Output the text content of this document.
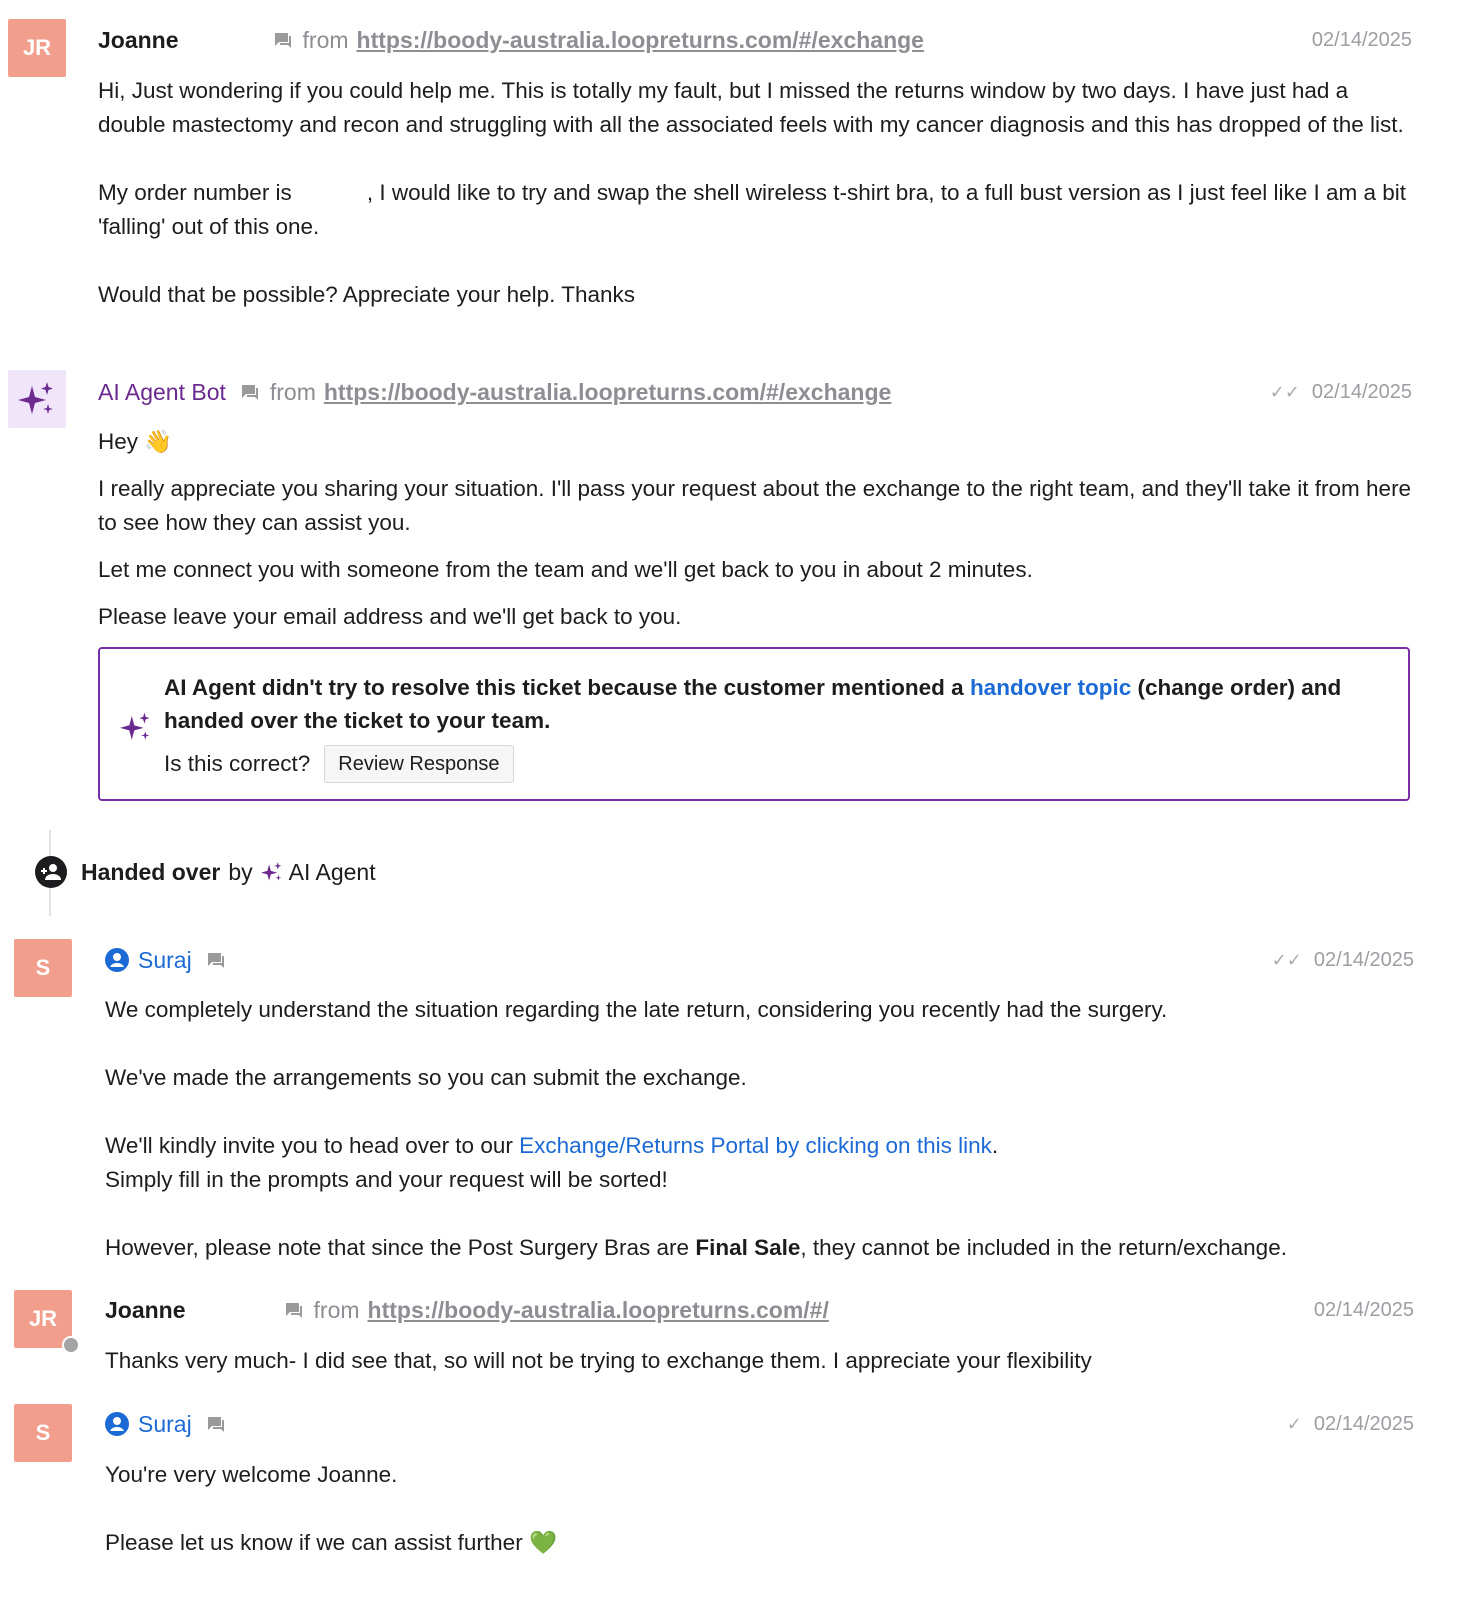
JR	Joanne	from https://boody-australia.loopreturns.com/#/exchange	02/14/2025

Hi, Just wondering if you could help me. This is totally my fault, but I missed the returns window by two days. I have just had a double mastectomy and recon and struggling with all the associated feels with my cancer diagnosis and this has dropped of the list.

My order number is            , I would like to try and swap the shell wireless t-shirt bra, to a full bust version as I just feel like I am a bit 'falling' out of this one.

Would that be possible? Appreciate your help. Thanks

AI Agent Bot from https://boody-australia.loopreturns.com/#/exchange	✓✓ 02/14/2025

Hey 👋

I really appreciate you sharing your situation. I'll pass your request about the exchange to the right team, and they'll take it from here to see how they can assist you.

Let me connect you with someone from the team and we'll get back to you in about 2 minutes.

Please leave your email address and we'll get back to you.

AI Agent didn't try to resolve this ticket because the customer mentioned a handover topic (change order) and handed over the ticket to your team.
Is this correct?	Review Response
Handed over by AI Agent
S	Suraj	✓✓ 02/14/2025

We completely understand the situation regarding the late return, considering you recently had the surgery.

We've made the arrangements so you can submit the exchange.

We'll kindly invite you to head over to our Exchange/Returns Portal by clicking on this link.

Simply fill in the prompts and your request will be sorted!

However, please note that since the Post Surgery Bras are Final Sale, they cannot be included in the return/exchange.

JR	Joanne	from https://boody-australia.loopreturns.com/#/	02/14/2025

Thanks very much- I did see that, so will not be trying to exchange them. I appreciate your flexibility

S	Suraj	✓ 02/14/2025

You're very welcome Joanne.

Please let us know if we can assist further 💚
